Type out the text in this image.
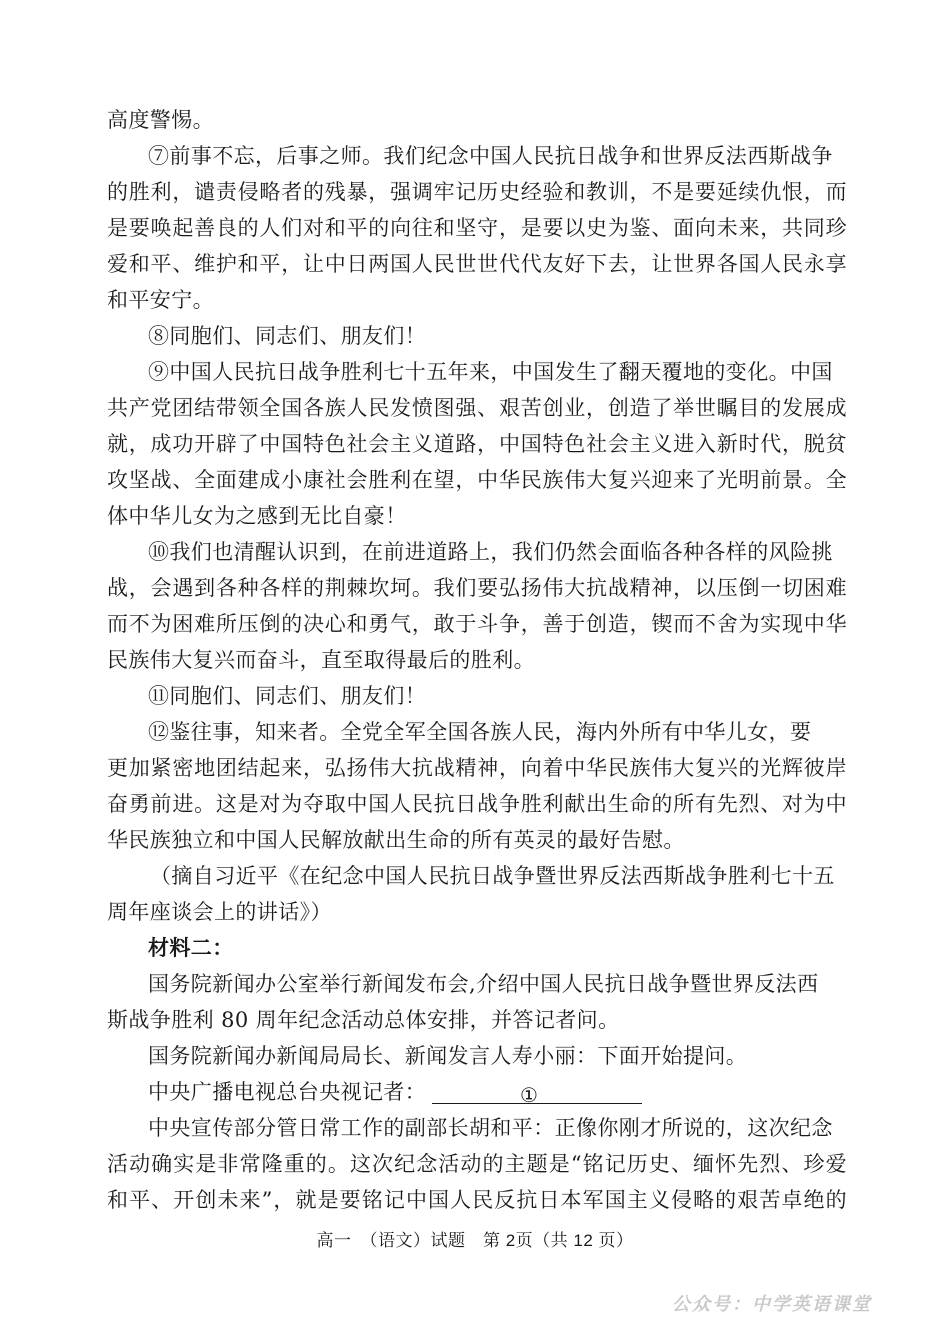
高度警惕。
⑦前事不忘，后事之师。我们纪念中国人民抗日战争和世界反法西斯战争
的胜利，谴责侵略者的残暴，强调牢记历史经验和教训，不是要延续仇恨，而
是要唤起善良的人们对和平的向往和坚守，是要以史为鉴、面向未来，共同珍
爱和平、维护和平，让中日两国人民世世代代友好下去，让世界各国人民永享
和平安宁。
⑧同胞们、同志们、朋友们！
⑨中国人民抗日战争胜利七十五年来，中国发生了翻天覆地的变化。中国
共产党团结带领全国各族人民发愤图强、艰苦创业，创造了举世瞩目的发展成
就，成功开辟了中国特色社会主义道路，中国特色社会主义进入新时代，脱贫
攻坚战、全面建成小康社会胜利在望，中华民族伟大复兴迎来了光明前景。全
体中华儿女为之感到无比自豪！
⑩我们也清醒认识到，在前进道路上，我们仍然会面临各种各样的风险挑
战，会遇到各种各样的荆棘坎坷。我们要弘扬伟大抗战精神，以压倒一切困难
而不为困难所压倒的决心和勇气，敢于斗争，善于创造，锲而不舍为实现中华
民族伟大复兴而奋斗，直至取得最后的胜利。
⑪同胞们、同志们、朋友们！
⑫鉴往事，知来者。全党全军全国各族人民，海内外所有中华儿女，要
更加紧密地团结起来，弘扬伟大抗战精神，向着中华民族伟大复兴的光辉彼岸
奋勇前进。这是对为夺取中国人民抗日战争胜利献出生命的所有先烈、对为中
华民族独立和中国人民解放献出生命的所有英灵的最好告慰。
（摘自习近平《在纪念中国人民抗日战争暨世界反法西斯战争胜利七十五
周年座谈会上的讲话》）
材料二：
国务院新闻办公室举行新闻发布会,介绍中国人民抗日战争暨世界反法西
斯战争胜利 80 周年纪念活动总体安排，并答记者问。
国务院新闻办新闻局局长、新闻发言人寿小丽：下面开始提问。
中央广播电视总台央视记者：	①
中央宣传部分管日常工作的副部长胡和平：正像你刚才所说的，这次纪念
活动确实是非常隆重的。这次纪念活动的主题是“铭记历史、缅怀先烈、珍爱
和平、开创未来”，就是要铭记中国人民反抗日本军国主义侵略的艰苦卓绝的
高一　（语文）试题　第 2页（共 12 页）
公众号：中学英语课堂
